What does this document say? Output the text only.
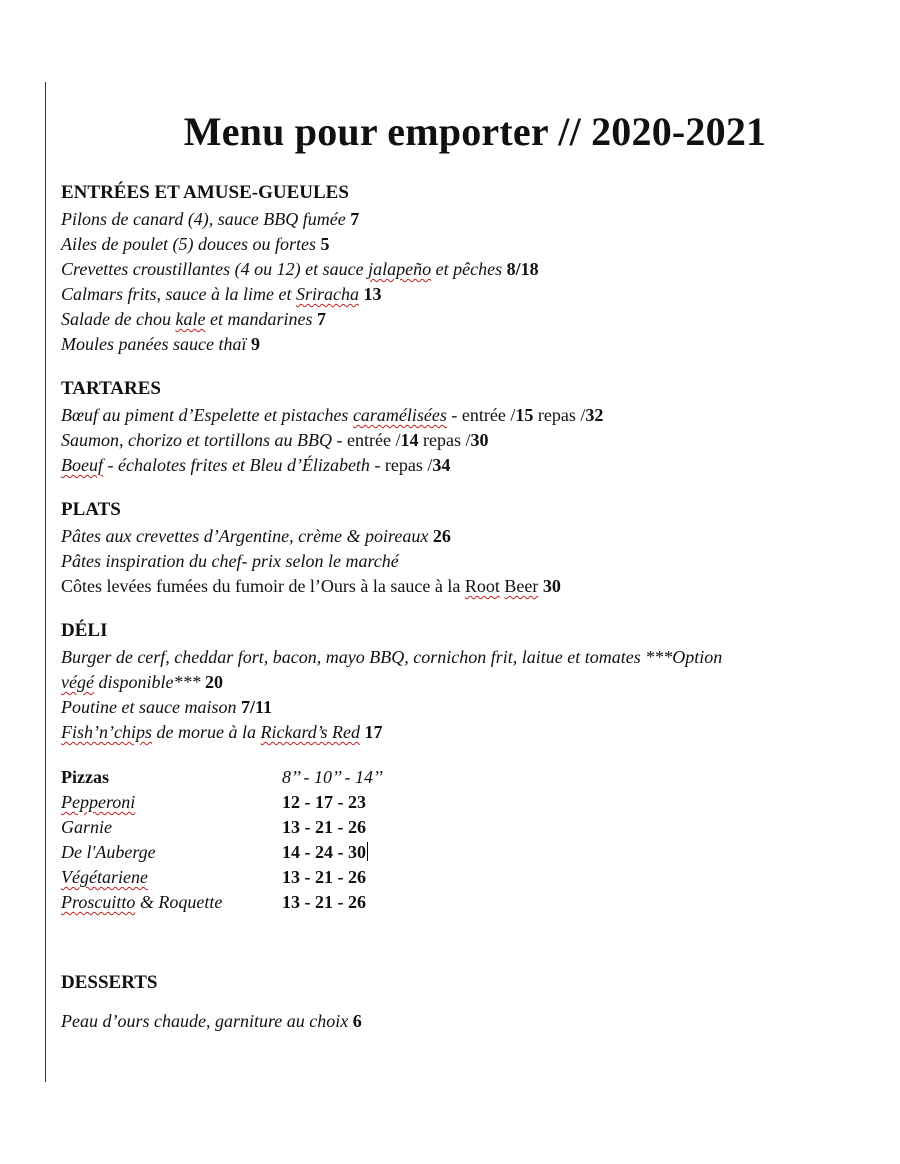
Menu pour emporter // 2020-2021
ENTRÉES ET AMUSE-GUEULES
Pilons de canard (4), sauce BBQ fumée 7
Ailes de poulet (5) douces ou fortes 5
Crevettes croustillantes (4 ou 12) et sauce jalapeño et pêches 8/18
Calmars frits, sauce à la lime et Sriracha 13
Salade de chou kale et mandarines 7
Moules panées sauce thaï 9
TARTARES
Bœuf au piment d’Espelette et pistaches caramélisées - entrée /15 repas /32
Saumon, chorizo et tortillons au BBQ - entrée /14 repas /30
Boeuf - échalotes frites et Bleu d’Élizabeth - repas /34
PLATS
Pâtes aux crevettes d’Argentine, crème & poireaux 26
Pâtes inspiration du chef- prix selon le marché
Côtes levées fumées du fumoir de l’Ours à la sauce à la Root Beer 30
DÉLI
Burger de cerf, cheddar fort, bacon, mayo BBQ, cornichon frit, laitue et tomates ***Option
végé disponible*** 20
Poutine et sauce maison 7/11
Fish’n’chips de morue à la Rickard’s Red 17
Pizzas	8’’ - 10’’ - 14’’
Pepperoni	12 - 17 - 23
Garnie	13 - 21 - 26
De l'Auberge	14 - 24 - 30
Végétariene	13 - 21 - 26
Proscuitto & Roquette	13 - 21 - 26
DESSERTS
Peau d’ours chaude, garniture au choix 6
